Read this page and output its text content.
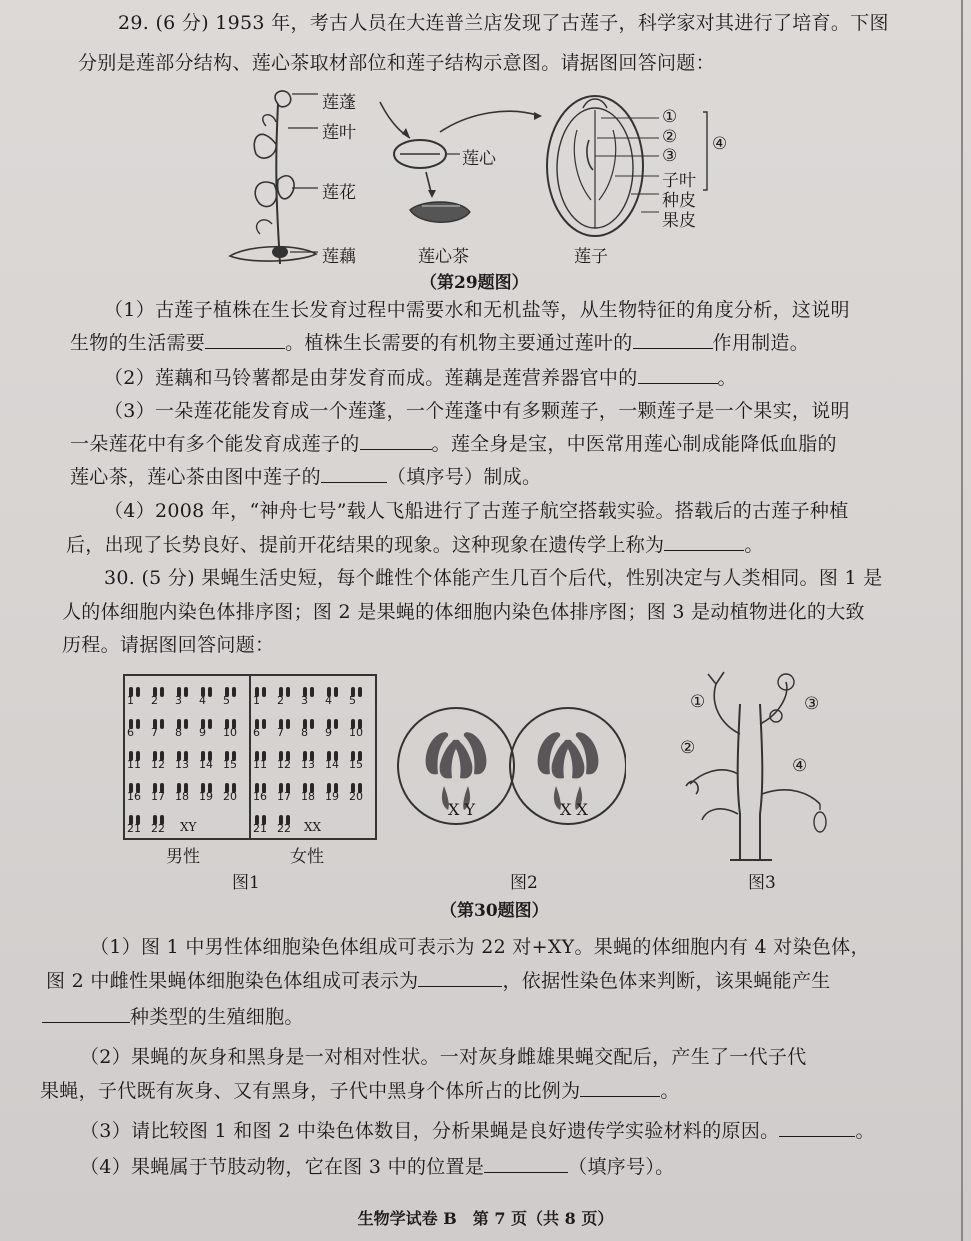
29. (6 分) 1953 年，考古人员在大连普兰店发现了古莲子，科学家对其进行了培育。下图
分别是莲部分结构、莲心茶取材部位和莲子结构示意图。请据图回答问题：
莲蓬
莲叶
莲花
莲藕
莲心
莲心茶
①
②
③
④
子叶
种皮
果皮
莲子
（第29题图）
（1）古莲子植株在生长发育过程中需要水和无机盐等，从生物特征的角度分析，这说明
生物的生活需要	。植株生长需要的有机物主要通过莲叶的	作用制造。
（2）莲藕和马铃薯都是由芽发育而成。莲藕是莲营养器官中的	。
（3）一朵莲花能发育成一个莲蓬，一个莲蓬中有多颗莲子，一颗莲子是一个果实，说明
一朵莲花中有多个能发育成莲子的	。莲全身是宝，中医常用莲心制成能降低血脂的
莲心茶，莲心茶由图中莲子的	（填序号）制成。
（4）2008 年，“神舟七号”载人飞船进行了古莲子航空搭载实验。搭载后的古莲子种植
后，出现了长势良好、提前开花结果的现象。这种现象在遗传学上称为	。
30. (5 分) 果蝇生活史短，每个雌性个体能产生几百个后代，性别决定与人类相同。图 1 是
人的体细胞内染色体排序图；图 2 是果蝇的体细胞内染色体排序图；图 3 是动植物进化的大致
历程。请据图回答问题：
1 2 3 4 5
6 7 8 9 10
11 12 13 14 15
16 17 18 19 20
21 22
1 2 3 4 5
6 7 8 9 10
11 12 13 14 15
16 17 18 19 20
21 22
XY	XX
男性	女性
图1
X Y	X X
图2
①
②
③
④
图3
（第30题图）
（1）图 1 中男性体细胞染色体组成可表示为 22 对+XY。果蝇的体细胞内有 4 对染色体，
图 2 中雌性果蝇体细胞染色体组成可表示为	，依据性染色体来判断，该果蝇能产生
种类型的生殖细胞。
（2）果蝇的灰身和黑身是一对相对性状。一对灰身雌雄果蝇交配后，产生了一代子代
果蝇，子代既有灰身、又有黑身，子代中黑身个体所占的比例为	。
（3）请比较图 1 和图 2 中染色体数目，分析果蝇是良好遗传学实验材料的原因。	。
（4）果蝇属于节肢动物，它在图 3 中的位置是	（填序号）。
生物学试卷 B　第 7 页（共 8 页）
